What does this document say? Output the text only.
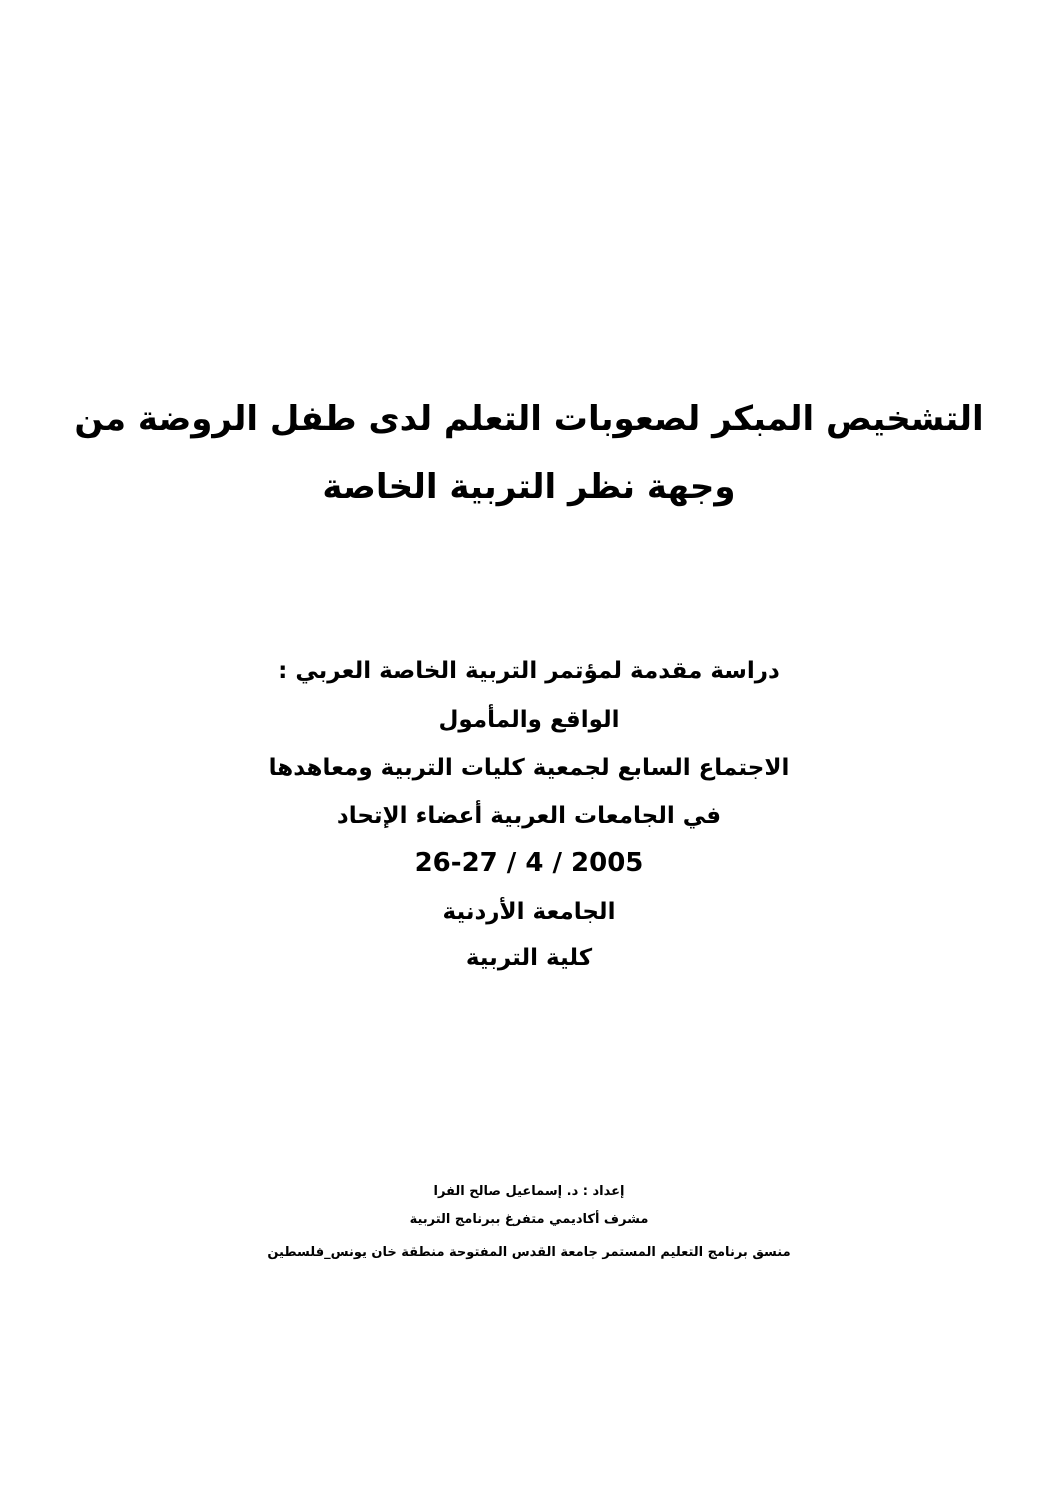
التشخيص المبكر لصعوبات التعلم لدى طفل الروضة من
وجهة نظر التربية الخاصة
دراسة مقدمة لمؤتمر التربية الخاصة العربي :
الواقع والمأمول
الاجتماع السابع لجمعية كليات التربية ومعاهدها
في الجامعات العربية أعضاء الإتحاد
26-27 / 4 / 2005
الجامعة الأردنية
كلية التربية
إعداد : د. إسماعيل صالح الفرا
مشرف أكاديمي متفرغ ببرنامج التربية
منسق برنامج التعليم المستمر جامعة القدس المفتوحة منطقة خان يونس_فلسطين
